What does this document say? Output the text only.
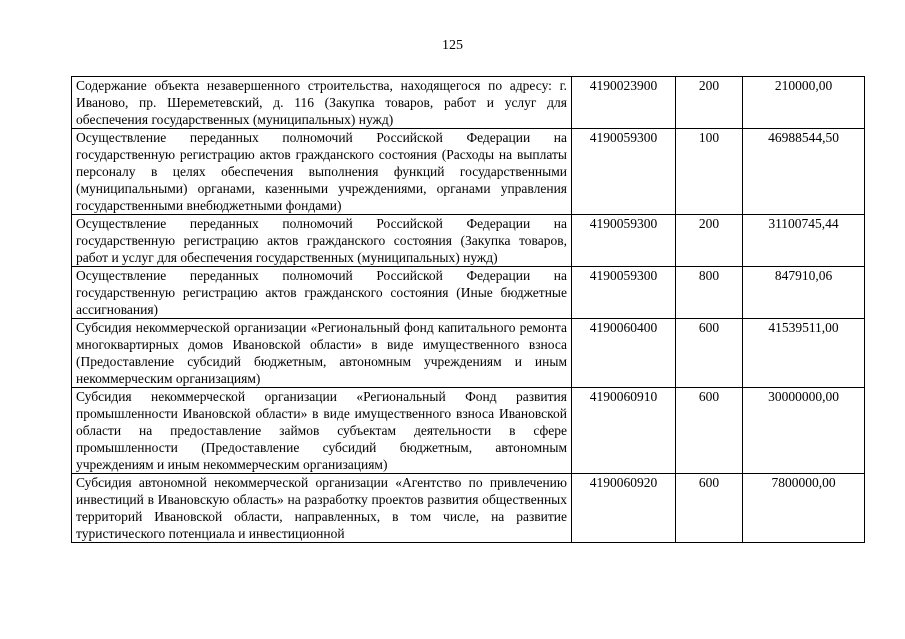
125
Содержание объекта незавершенного строительства, находящегося по адресу: г. Иваново, пр. Шереметевский, д. 116 (Закупка товаров, работ и услуг для обеспечения государственных (муниципальных) нужд)	4190023900	200	210000,00
Осуществление переданных полномочий Российской Федерации на государственную регистрацию актов гражданского состояния (Расходы на выплаты персоналу в целях обеспечения выполнения функций государственными (муниципальными) органами, казенными учреждениями, органами управления государственными внебюджетными фондами)	4190059300	100	46988544,50
Осуществление переданных полномочий Российской Федерации на государственную регистрацию актов гражданского состояния (Закупка товаров, работ и услуг для обеспечения государственных (муниципальных) нужд)	4190059300	200	31100745,44
Осуществление переданных полномочий Российской Федерации на государственную регистрацию актов гражданского состояния (Иные бюджетные ассигнования)	4190059300	800	847910,06
Субсидия некоммерческой организации «Региональный фонд капитального ремонта многоквартирных домов Ивановской области» в виде имущественного взноса (Предоставление субсидий бюджетным, автономным учреждениям и иным некоммерческим организациям)	4190060400	600	41539511,00
Субсидия некоммерческой организации «Региональный Фонд развития промышленности Ивановской области» в виде имущественного взноса Ивановской области на предоставление займов субъектам деятельности в сфере промышленности (Предоставление субсидий бюджетным, автономным учреждениям и иным некоммерческим организациям)	4190060910	600	30000000,00
Субсидия автономной некоммерческой организации «Агентство по привлечению инвестиций в Ивановскую область» на разработку проектов развития общественных территорий Ивановской области, направленных, в том числе, на развитие туристического потенциала и инвестиционной	4190060920	600	7800000,00
